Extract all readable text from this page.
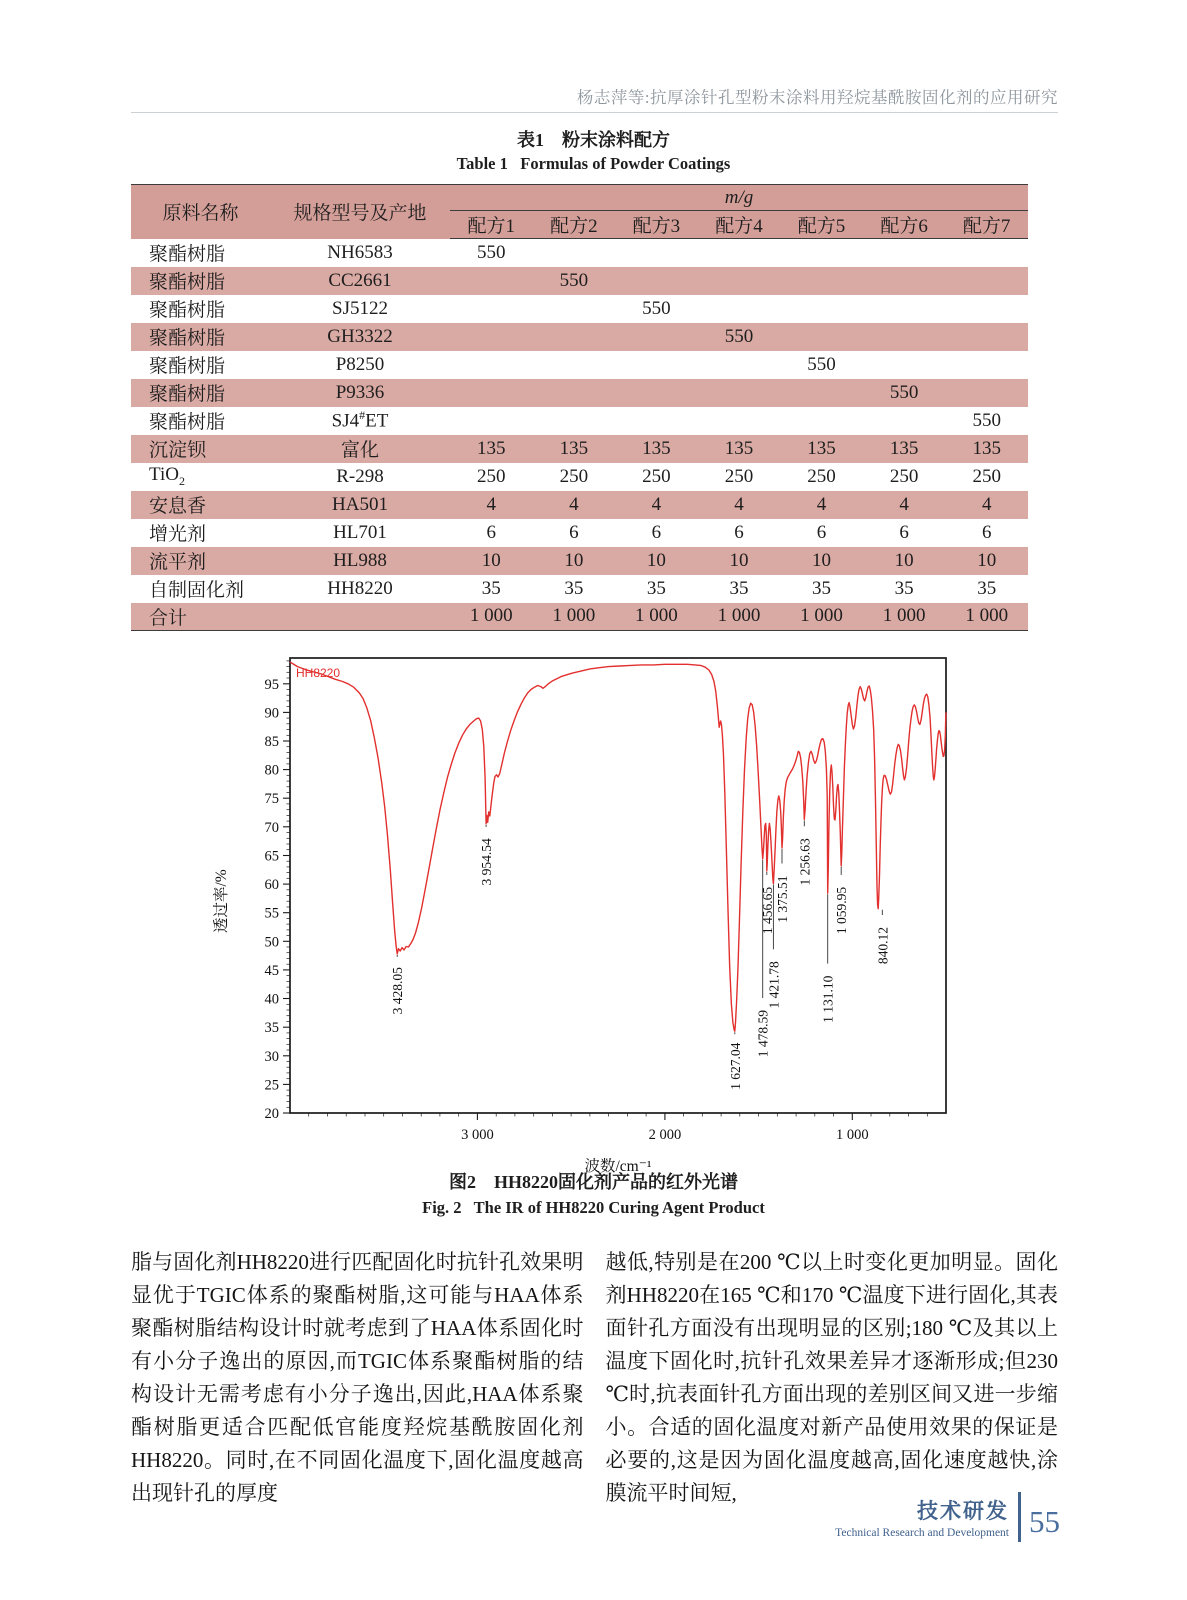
杨志萍等:抗厚涂针孔型粉末涂料用羟烷基酰胺固化剂的应用研究
表1　粉末涂料配方
Table 1   Formulas of Powder Coatings
原料名称	规格型号及产地	m/g						
		配方1	配方2	配方3	配方4	配方5	配方6	配方7
聚酯树脂	NH6583	550						
聚酯树脂	CC2661		550					
聚酯树脂	SJ5122			550				
聚酯树脂	GH3322				550			
聚酯树脂	P8250					550		
聚酯树脂	P9336						550	
聚酯树脂	SJ4#ET							550
沉淀钡	富化	135	135	135	135	135	135	135
TiO$_2$	R-298	250	250	250	250	250	250	250
安息香	HA501	4	4	4	4	4	4	4
增光剂	HL701	6	6	6	6	6	6	6
流平剂	HL988	10	10	10	10	10	10	10
自制固化剂	HH8220	35	35	35	35	35	35	35
合计		1 000	1 000	1 000	1 000	1 000	1 000	1 000
20
25
30
35
40
45
50
55
60
65
70
75
80
85
90
95
3 000	2 000	1 000
HH8220
3 428.05
3 954.54
1 627.04
1 478.59
1 456.65
1 421.78
1 375.51
1 256.63
1 131.10
1 059.95
840.12
透过率/%
波数/cm⁻¹
图2　HH8220固化剂产品的红外光谱
Fig. 2   The IR of HH8220 Curing Agent Product
脂与固化剂HH8220进行匹配固化时抗针孔效果明显优于TGIC体系的聚酯树脂,这可能与HAA体系聚酯树脂结构设计时就考虑到了HAA体系固化时有小分子逸出的原因,而TGIC体系聚酯树脂的结构设计无需考虑有小分子逸出,因此,HAA体系聚酯树脂更适合匹配低官能度羟烷基酰胺固化剂HH8220。同时,在不同固化温度下,固化温度越高出现针孔的厚度
越低,特别是在200 ℃以上时变化更加明显。固化剂HH8220在165 ℃和170 ℃温度下进行固化,其表面针孔方面没有出现明显的区别;180 ℃及其以上温度下固化时,抗针孔效果差异才逐渐形成;但230 ℃时,抗表面针孔方面出现的差别区间又进一步缩小。合适的固化温度对新产品使用效果的保证是必要的,这是因为固化温度越高,固化速度越快,涂膜流平时间短,
技术研发
Technical Research and Development 55
